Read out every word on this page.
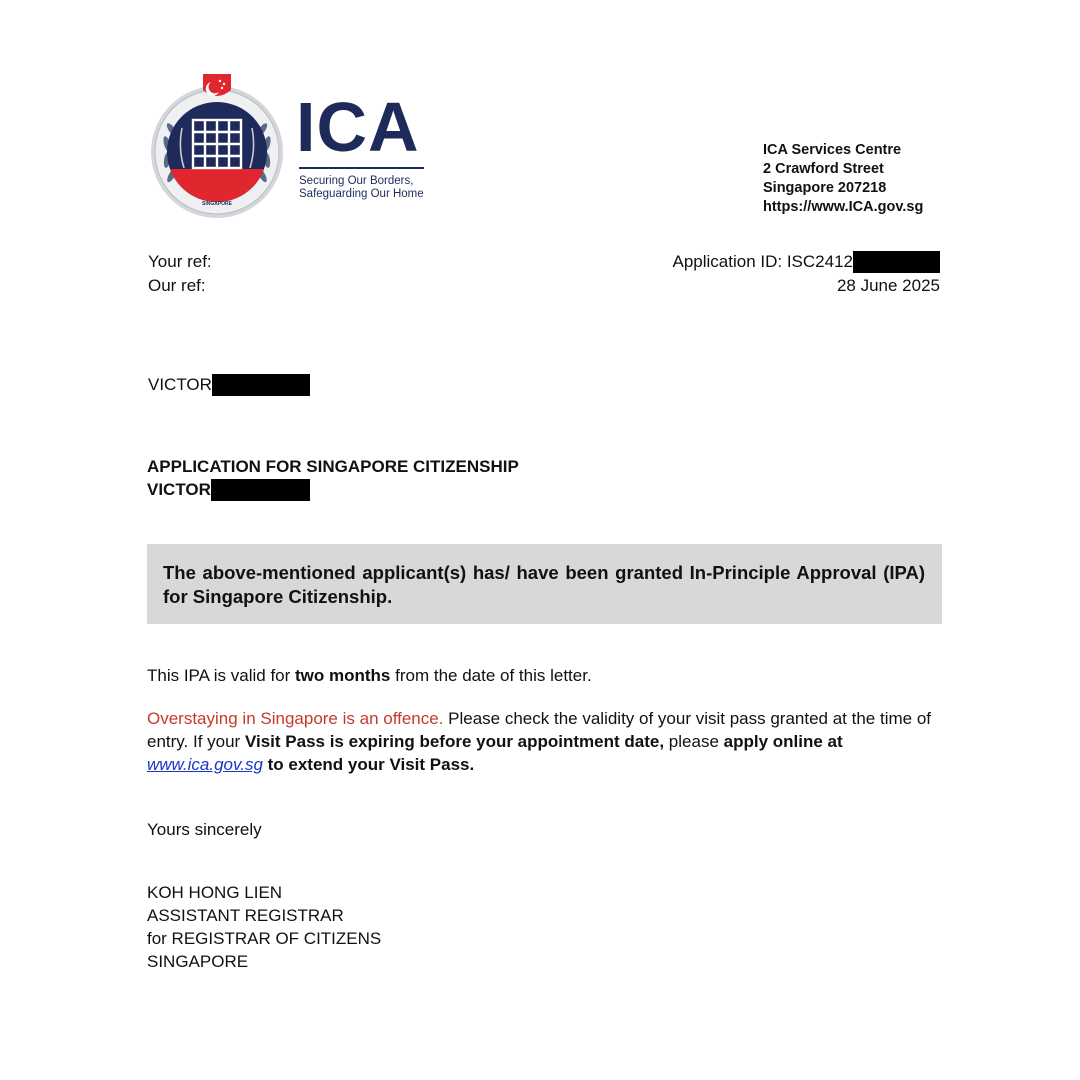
SINGAPORE
ICA
Securing Our Borders,
Safeguarding Our Home
ICA Services Centre
2 Crawford Street
Singapore 207218
https://www.ICA.gov.sg
Your ref:
Our ref:
Application ID: ISC2412
28 June 2025
VICTOR
APPLICATION FOR SINGAPORE CITIZENSHIP
VICTOR
The above-mentioned applicant(s) has/ have been granted In-Principle Approval (IPA) for Singapore Citizenship.
This IPA is valid for two months from the date of this letter.
Overstaying in Singapore is an offence. Please check the validity of your visit pass granted at the time of entry. If your Visit Pass is expiring before your appointment date, please apply online at www.ica.gov.sg to extend your Visit Pass.
Yours sincerely
KOH HONG LIEN
ASSISTANT REGISTRAR
for REGISTRAR OF CITIZENS
SINGAPORE
